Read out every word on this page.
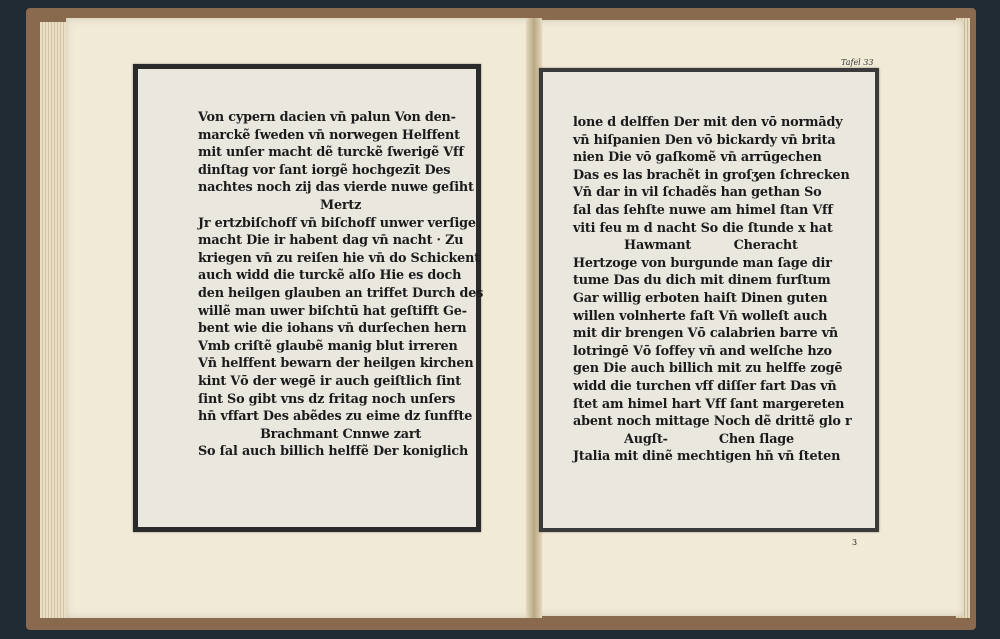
Von cypern dacien vn̄ palun Von den-
marckẽ ſweden vn̄ norwegen Helffent
mit unſer macht dẽ turckẽ ſwerigẽ Vff
dinſtag vor ſant iorgẽ hochgezīt Des
nachtes noch zij das vierde nuwe geſiht
Mertz
Jr ertzbiſchoff vn̄ biſchoff unwer verſige
macht Die ir habent dag vn̄ nacht · Zu
kriegen vn̄ zu reiſen hie vn̄ do Schickent
auch widd die turckẽ alſo Hie es doch
den heilgen glauben an triffet Durch des
willẽ man uwer biſchtū hat geſtifft Ge-
bent wie die iohans vn̄ durſechen hern
Vmb criſtẽ glaubẽ manig blut irreren
Vn̄ helffent bewarn der heilgen kirchen
kint Vō der wegē ir auch geiſtlich ſint
ſint So gibt vns dz fritag noch unſers
hn̄ vffart Des abẽdes zu eime dz ſunffte
Brachmant Cnnwe zart
So ſal auch billich helffẽ Der koniglich
lone d delffen Der mit den vō normādy
vn̄ hiſpanien Den vō bickardy vn̄ brita
nien Die vō gaſkomẽ vn̄ arrūgechen
Das es las brachẽt in groſʒen ſchrecken
Vn̄ dar in vil ſchadẽs han gethan So
ſal das ſehſte nuwe am himel ſtan Vff
viti feu m d nacht So die ſtunde x hat
Hawmant          Cheracht
Hertzoge von burgunde man ſage dir
tume Das du dich mit dinem furſtum
Gar willig erboten haiſt Dinen guten
willen volnherte faſt Vn̄ wolleſt auch
mit dir brengen Vō calabrien barre vn̄
lotringē Vō ſoffey vn̄ and welſche hzo
gen Die auch billich mit zu helffe zogē
widd die turchen vff diſſer fart Das vn̄
ſtet am himel hart Vff ſant margereten
abent noch mittage Noch dẽ drittẽ glo r
Augſt-            Chen ſlage
Jtalia mit dinẽ mechtigen hn̄ vn̄ ſteten
Tafel 33
3
